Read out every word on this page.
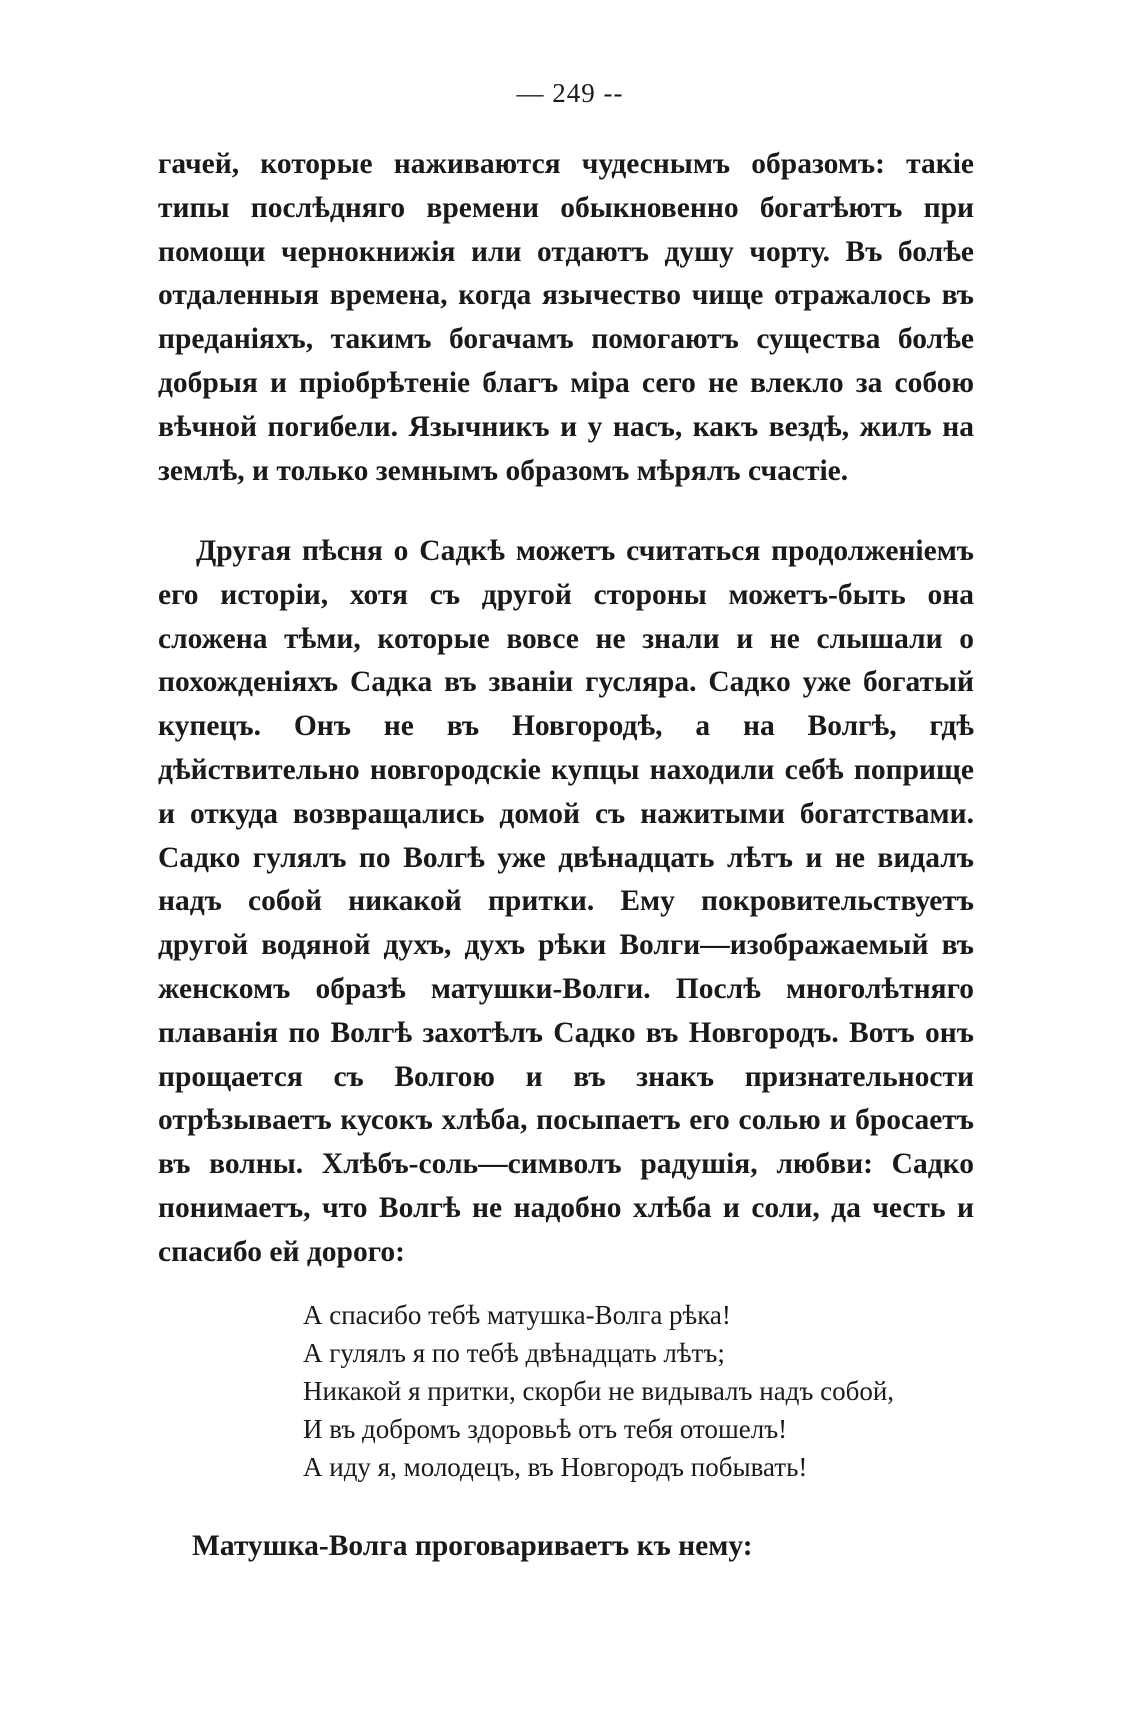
— 249 --

гачей, которые наживаются чудеснымъ образомъ: такіе типы послѣдняго времени обыкновенно богатѣютъ при помощи чернокнижія или отдаютъ душу чорту. Въ болѣе отдаленныя времена, когда язычество чище отражалось въ преданіяхъ, такимъ богачамъ помогаютъ существа болѣе добрыя и пріобрѣтеніе благъ міра сего не влекло за собою вѣчной погибели. Язычникъ и у насъ, какъ вездѣ, жилъ на землѣ, и только земнымъ образомъ мѣрялъ счастіе.

Другая пѣсня о Садкѣ можетъ считаться продолженіемъ его исторіи, хотя съ другой стороны можетъ-быть она сложена тѣми, которые вовсе не знали и не слышали о похожденіяхъ Садка въ званіи гусляра. Садко уже богатый купецъ. Онъ не въ Новгородѣ, а на Волгѣ, гдѣ дѣйствительно новгородскіе купцы находили себѣ поприще и откуда возвращались домой съ нажитыми богатствами. Садко гулялъ по Волгѣ уже двѣнадцать лѣтъ и не видалъ надъ собой никакой притки. Ему покровительствуетъ другой водяной духъ, духъ рѣки Волги—изображаемый въ женскомъ образѣ матушки-Волги. Послѣ многолѣтняго плаванія по Волгѣ захотѣлъ Садко въ Новгородъ. Вотъ онъ прощается съ Волгою и въ знакъ признательности отрѣзываетъ кусокъ хлѣба, посыпаетъ его солью и бросаетъ въ волны. Хлѣбъ-соль—символъ радушія, любви: Садко понимаетъ, что Волгѣ не надобно хлѣба и соли, да честь и спасибо ей дорого:

А спасибо тебѣ матушка-Волга рѣка!
А гулялъ я по тебѣ двѣнадцать лѣтъ;
Никакой я притки, скорби не видывалъ надъ собой,
И въ добромъ здоровьѣ отъ тебя отошелъ!
А иду я, молодецъ, въ Новгородъ побывать!
Матушка-Волга проговариваетъ къ нему:
